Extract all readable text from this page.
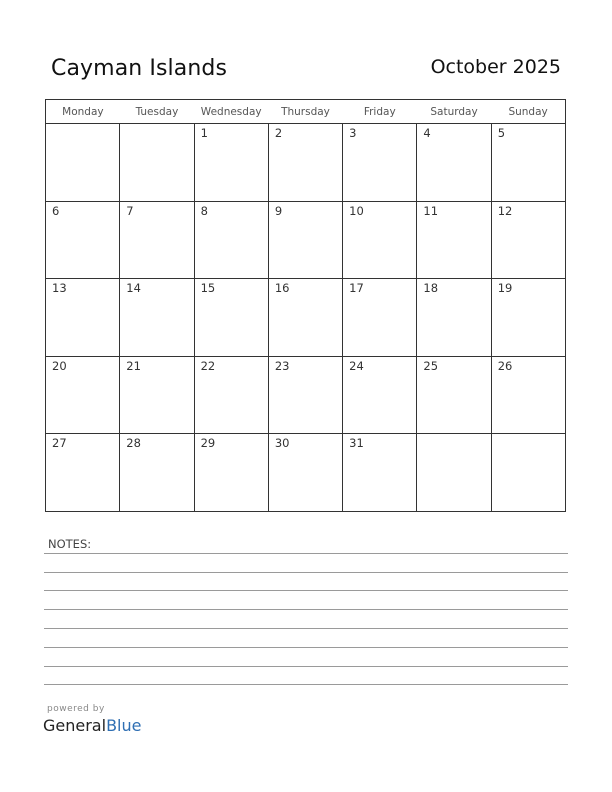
Cayman Islands	October 2025
Monday	Tuesday	Wednesday	Thursday	Friday	Saturday	Sunday

		1	2	3	4	5

6	7	8	9	10	11	12

13	14	15	16	17	18	19

20	21	22	23	24	25	26

27	28	29	30	31		

NOTES:
powered by
GeneralBlue
